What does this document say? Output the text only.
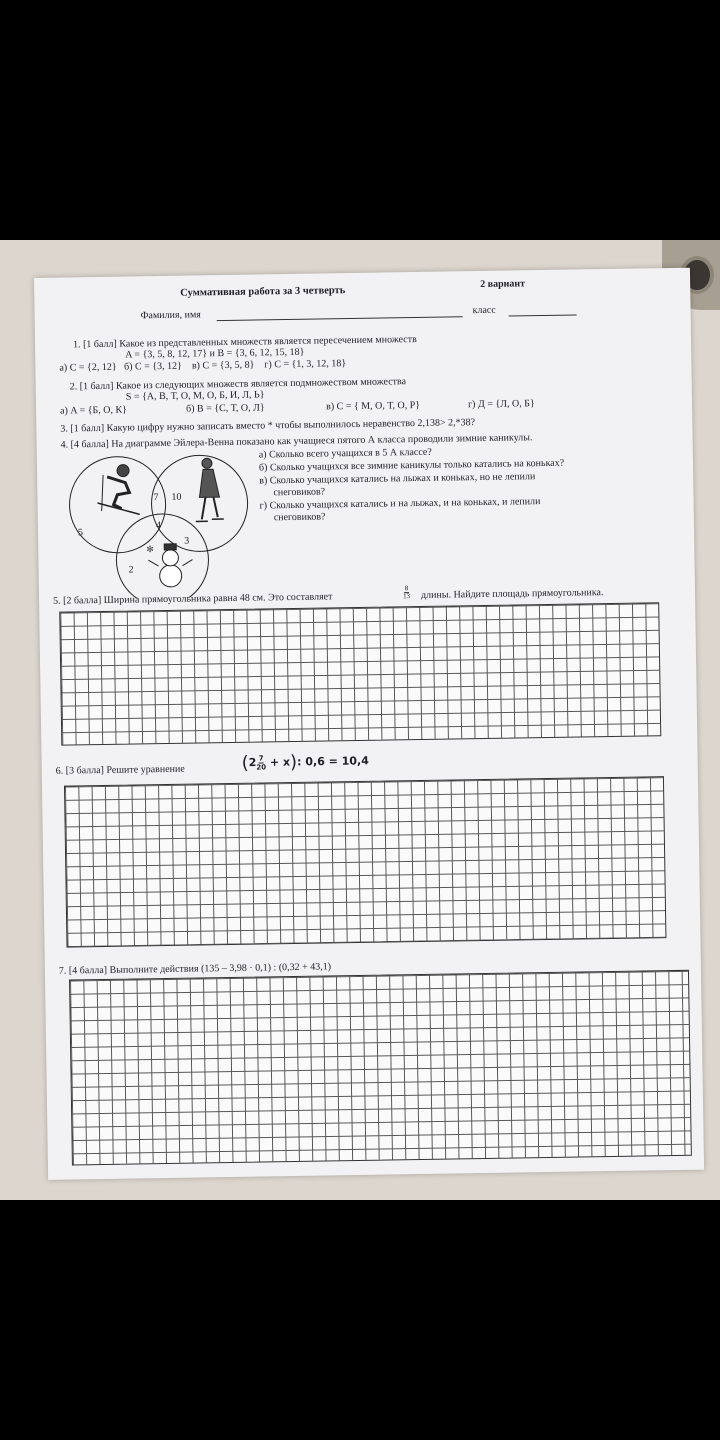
Суммативная работа за 3 четверть
2 вариант
Фамилия, имя	класс
1. [1 балл] Какое из представленных множеств является пересечением множеств
A = {3, 5, 8, 12, 17} и B = {3, 6, 12, 15, 18}
а) C = {2, 12}   б) C = {3, 12}    в) C = {3, 5, 8}    г) C = {1, 3, 12, 18}
2. [1 балл] Какое из следующих множеств является подмножеством множества
S = {А, В, Т, О, М, О, Б, И, Л, Ь}
а) A = {Б, О, К}	б) B = {С, Т, О, Л}	в) C = { М, О, Т, О, Р}	г) Д = {Л, О, Б}
3. [1 балл] Какую цифру нужно записать вместо * чтобы выполнилось неравенство 2,138> 2,*38?
4. [4 балла] На диаграмме Эйлера-Венна показано как учащиеся пятого А класса проводили зимние каникулы.
а) Сколько всего учащихся в 5 А классе?
б) Сколько учащихся все зимние каникулы только катались на коньках?
в) Сколько учащихся катались на лыжах и коньках, но не лепили
снеговиков?
г) Сколько учащихся катались и на лыжах, и на коньках, и лепили
снеговиков?
✻
5
7 10
4
3
2
5. [2 балла] Ширина прямоугольника равна 48 см. Это составляет	$\frac{8}{13}$ длины. Найдите площадь прямоугольника.
6. [3 балла] Решите уравнение	$(2 \frac{7}{20} + x)$: 0,6 = 10,4
7. [4 балла] Выполните действия (135 – 3,98 · 0,1) : (0,32 + 43,1)
